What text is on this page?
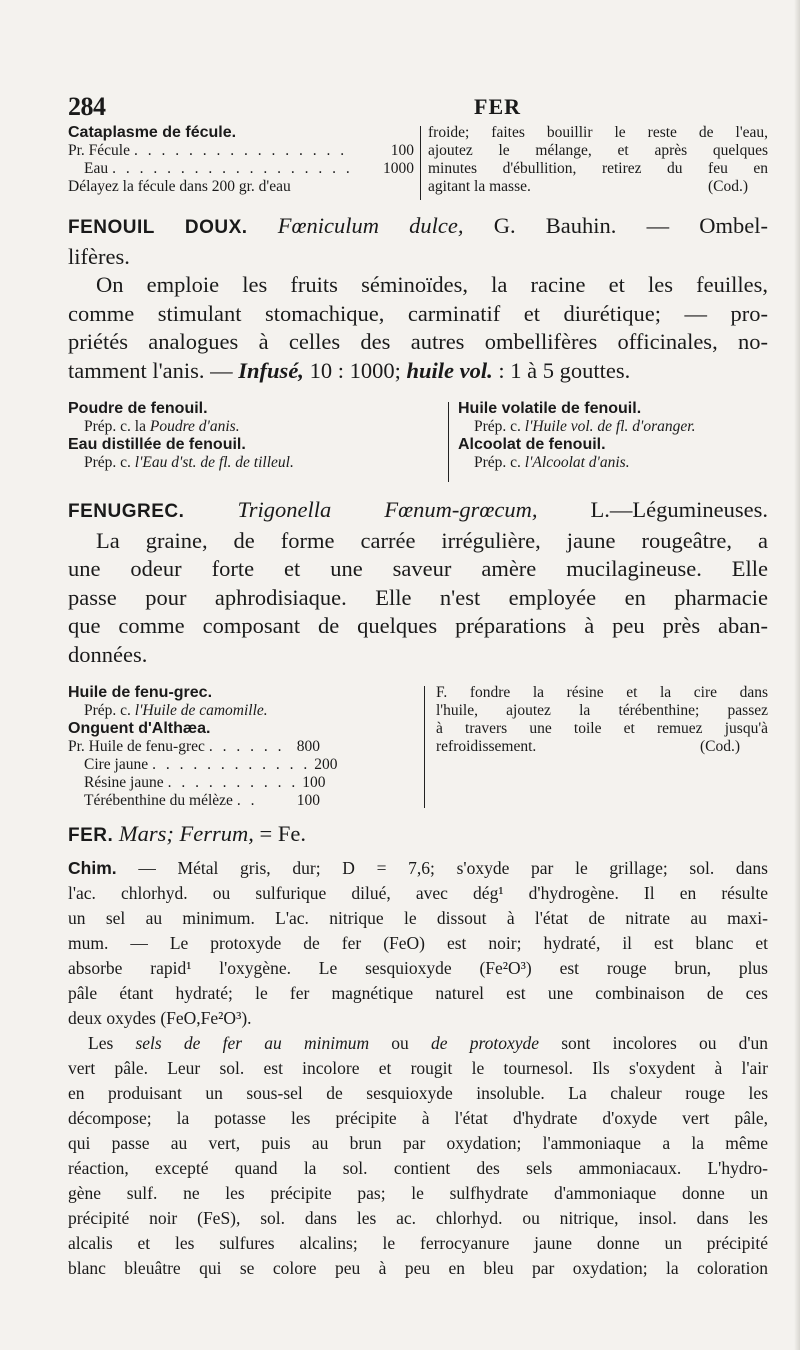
284	FER
Cataplasme de fécule.
Pr. Fécule . . . . . . . . . . . . . . . .	100
Eau . . . . . . . . . . . . . . . . . .	1000
Délayez la fécule dans 200 gr. d'eau
froide; faites bouillir le reste de l'eau,
ajoutez le mélange, et après quelques
minutes d'ébullition, retirez du feu en
agitant la masse.	(Cod.)
FENOUIL DOUX. Fœniculum dulce, G. Bauhin. — Ombel-
lifères.
On emploie les fruits séminoïdes, la racine et les feuilles,
comme stimulant stomachique, carminatif et diurétique; — pro-
priétés analogues à celles des autres ombellifères officinales, no-
tamment l'anis. — Infusé, 10 : 1000; huile vol. : 1 à 5 gouttes.
Poudre de fenouil.
Prép. c. la Poudre d'anis.
Eau distillée de fenouil.
Prép. c. l'Eau d'st. de fl. de tilleul.
Huile volatile de fenouil.
Prép. c. l'Huile vol. de fl. d'oranger.
Alcoolat de fenouil.
Prép. c. l'Alcoolat d'anis.
FENUGREC. Trigonella Fœnum-grœcum, L.—Légumineuses.
La graine, de forme carrée irrégulière, jaune rougeâtre, a
une odeur forte et une saveur amère mucilagineuse. Elle
passe pour aphrodisiaque. Elle n'est employée en pharmacie
que comme composant de quelques préparations à peu près aban-
données.
Huile de fenu-grec.
Prép. c. l'Huile de camomille.
Onguent d'Althæa.
Pr. Huile de fenu-grec . . . . . . 800
Cire jaune . . . . . . . . . . . . 200
Résine jaune . . . . . . . . . . 100
Térébenthine du mélèze . .	100
F. fondre la résine et la cire dans
l'huile, ajoutez la térébenthine; passez
à travers une toile et remuez jusqu'à
refroidissement.	(Cod.)
FER. Mars; Ferrum, = Fe.
Chim. — Métal gris, dur; D = 7,6; s'oxyde par le grillage; sol. dans
l'ac. chlorhyd. ou sulfurique dilué, avec dég¹ d'hydrogène. Il en résulte
un sel au minimum. L'ac. nitrique le dissout à l'état de nitrate au maxi-
mum. — Le protoxyde de fer (FeO) est noir; hydraté, il est blanc et
absorbe rapid¹ l'oxygène. Le sesquioxyde (Fe²O³) est rouge brun, plus
pâle étant hydraté; le fer magnétique naturel est une combinaison de ces
deux oxydes (FeO,Fe²O³).
Les sels de fer au minimum ou de protoxyde sont incolores ou d'un
vert pâle. Leur sol. est incolore et rougit le tournesol. Ils s'oxydent à l'air
en produisant un sous-sel de sesquioxyde insoluble. La chaleur rouge les
décompose; la potasse les précipite à l'état d'hydrate d'oxyde vert pâle,
qui passe au vert, puis au brun par oxydation; l'ammoniaque a la même
réaction, excepté quand la sol. contient des sels ammoniacaux. L'hydro-
gène sulf. ne les précipite pas; le sulfhydrate d'ammoniaque donne un
précipité noir (FeS), sol. dans les ac. chlorhyd. ou nitrique, insol. dans les
alcalis et les sulfures alcalins; le ferrocyanure jaune donne un précipité
blanc bleuâtre qui se colore peu à peu en bleu par oxydation; la coloration
